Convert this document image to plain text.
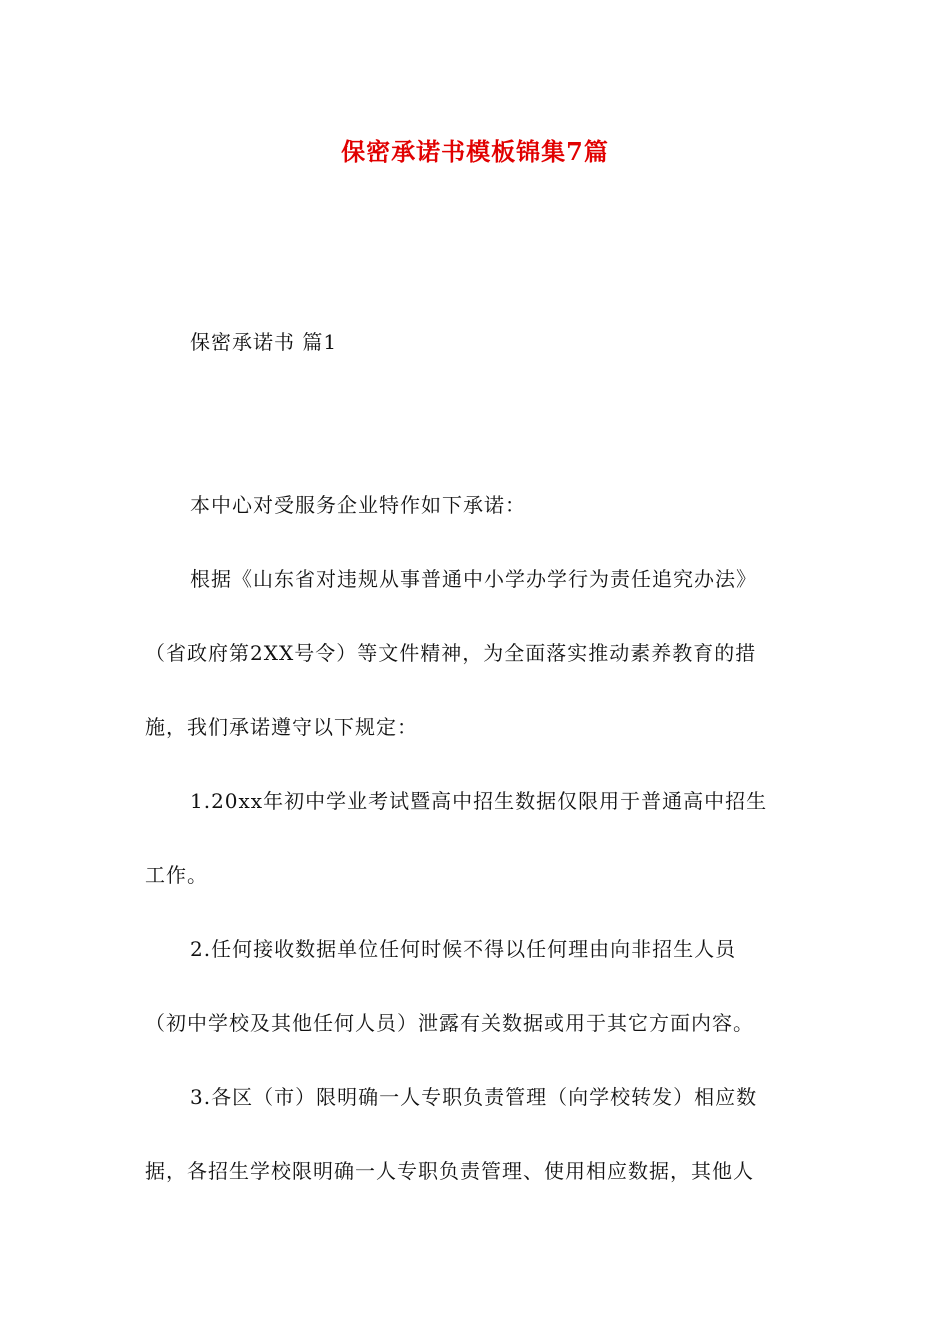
保密承诺书模板锦集7篇
保密承诺书 篇1
本中心对受服务企业特作如下承诺：
根据《山东省对违规从事普通中小学办学行为责任追究办法》
（省政府第2XX号令）等文件精神，为全面落实推动素养教育的措
施，我们承诺遵守以下规定：
1.20xx年初中学业考试暨高中招生数据仅限用于普通高中招生
工作。
2.任何接收数据单位任何时候不得以任何理由向非招生人员
（初中学校及其他任何人员）泄露有关数据或用于其它方面内容。
3.各区（市）限明确一人专职负责管理（向学校转发）相应数
据，各招生学校限明确一人专职负责管理、使用相应数据，其他人
